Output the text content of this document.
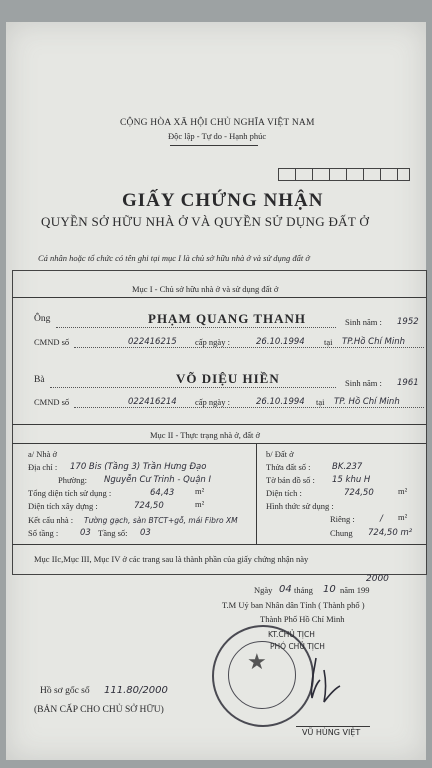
CỘNG HÒA XÃ HỘI CHỦ NGHĨA VIỆT NAM
Độc lập - Tự do - Hạnh phúc
GIẤY CHỨNG NHẬN
QUYỀN SỞ HỮU NHÀ Ở VÀ QUYỀN SỬ DỤNG ĐẤT Ở
Cá nhân hoặc tổ chức có tên ghi tại mục I là chủ sở hữu nhà ở và sử dụng đất ở
Mục I - Chủ sở hữu nhà ở và sử dụng đất ở
Ông	PHẠM QUANG THANH	Sinh năm : 1952
CMND số	022416215 cấp ngày :	26.10.1994 tại TP.Hồ Chí Minh
Bà	VÕ DIỆU HIỀN	Sinh năm : 1961
CMND số	022416214 cấp ngày :	26.10.1994 tại TP. Hồ Chí Minh
Mục II - Thực trạng nhà ở, đất ở
a/ Nhà ở
Địa chỉ : 170 Bis (Tầng 3) Trần Hưng Đạo
Phường: Nguyễn Cư Trinh - Quận I
Tổng diện tích sử dụng :	64,43 m²
Diện tích xây dựng :	724,50	m²
Kết cấu nhà : Tường gạch, sàn BTCT+gỗ, mái Fibro XM
Số tầng :	03 Tầng số: 03
b/ Đất ở
Thửa đất số :	BK.237
Tờ bản đồ số : 15 khu H
Diện tích :	724,50	m²
Hình thức sử dụng :
Riêng :	/ m²
Chung 724,50 m²
Mục IIc,Mục III, Mục IV ở các trang sau là thành phần của giấy chứng nhận này
2000
Ngày 04 tháng 10 năm 199
T.M Uỷ ban Nhân dân Tỉnh ( Thành phố )
Thành Phố Hồ Chí Minh
★
KT.CHỦ TỊCH
PHÓ CHỦ TỊCH
VŨ HÙNG VIỆT
Hồ sơ gốc số 111.80/2000
(BẢN CẤP CHO CHỦ SỞ HỮU)
